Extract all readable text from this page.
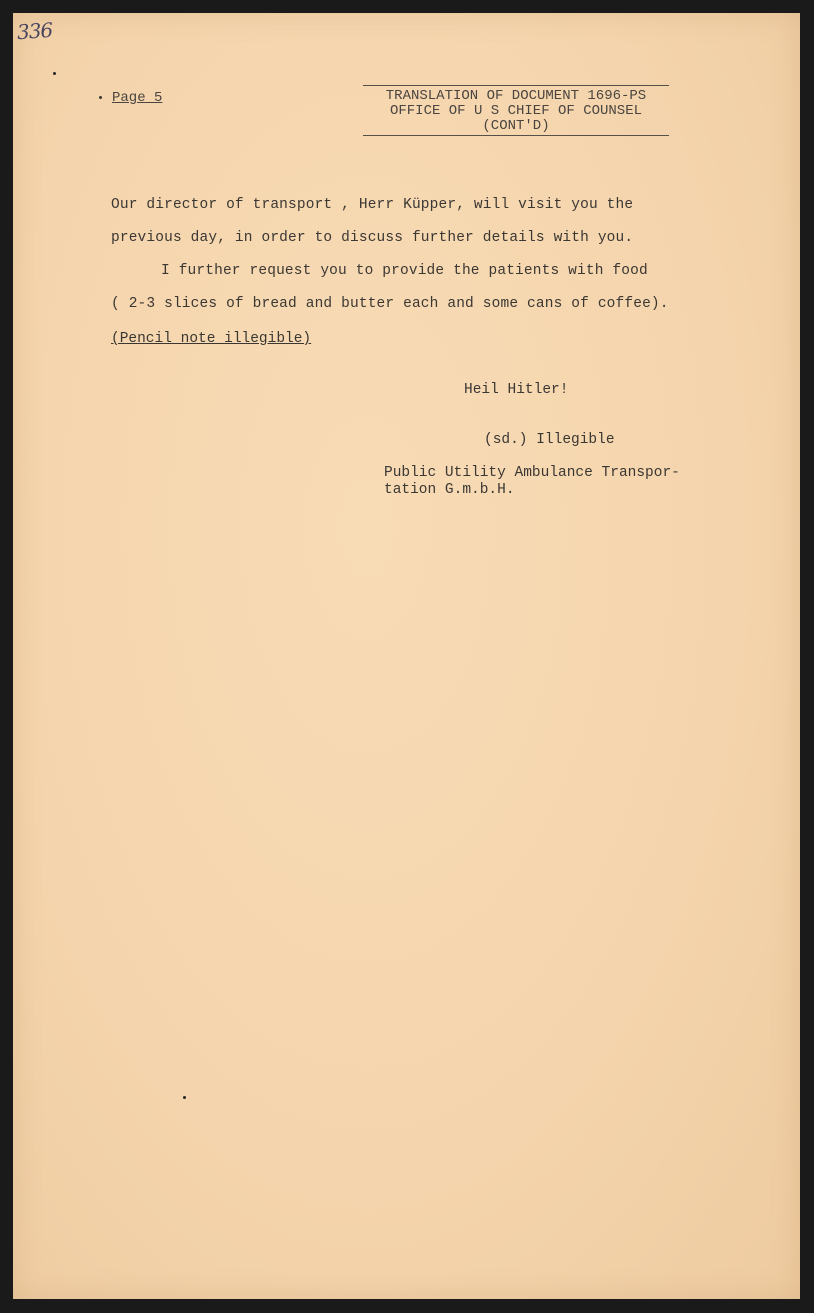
336
Page 5	TRANSLATION OF DOCUMENT 1696-PS
OFFICE OF U S CHIEF OF COUNSEL
(CONT'D)

Our director of transport , Herr Küpper, will visit you the

previous day, in order to discuss further details with you.

I further request you to provide the patients with food

( 2-3 slices of bread and butter each and some cans of coffee).

(Pencil note illegible)
Heil Hitler!
(sd.) Illegible
Public Utility Ambulance Transpor-
tation G.m.b.H.
